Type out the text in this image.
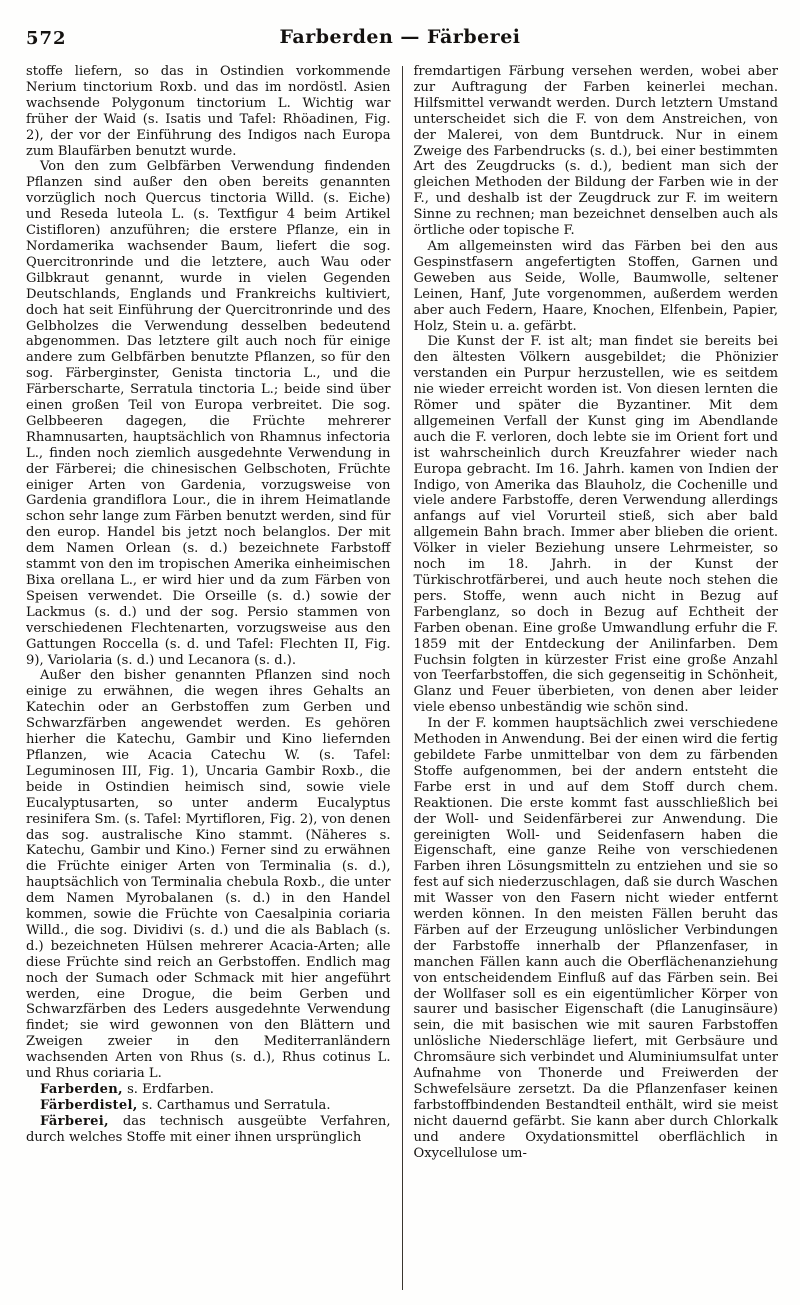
572	Farberden — Färberei

stoffe liefern, so das in Ostindien vorkommende Nerium tinctorium Roxb. und das im nordöstl. Asien wachsende Polygonum tinctorium L. Wichtig war früher der Waid (s. Isatis und Tafel: Rhöadinen, Fig. 2), der vor der Einführung des Indigos nach Europa zum Blaufärben benutzt wurde.

Von den zum Gelbfärben Verwendung findenden Pflanzen sind außer den oben bereits genannten vorzüglich noch Quercus tinctoria Willd. (s. Eiche) und Reseda luteola L. (s. Textfigur 4 beim Artikel Cistifloren) anzuführen; die erstere Pflanze, ein in Nordamerika wachsender Baum, liefert die sog. Quercitronrinde und die letztere, auch Wau oder Gilbkraut genannt, wurde in vielen Gegenden Deutschlands, Englands und Frankreichs kultiviert, doch hat seit Einführung der Quercitronrinde und des Gelbholzes die Verwendung desselben bedeutend abgenommen. Das letztere gilt auch noch für einige andere zum Gelbfärben benutzte Pflanzen, so für den sog. Färberginster, Genista tinctoria L., und die Färberscharte, Serratula tinctoria L.; beide sind über einen großen Teil von Europa verbreitet. Die sog. Gelbbeeren dagegen, die Früchte mehrerer Rhamnusarten, hauptsächlich von Rhamnus infectoria L., finden noch ziemlich ausgedehnte Verwendung in der Färberei; die chinesischen Gelbschoten, Früchte einiger Arten von Gardenia, vorzugsweise von Gardenia grandiflora Lour., die in ihrem Heimatlande schon sehr lange zum Färben benutzt werden, sind für den europ. Handel bis jetzt noch belanglos. Der mit dem Namen Orlean (s. d.) bezeichnete Farbstoff stammt von den im tropischen Amerika einheimischen Bixa orellana L., er wird hier und da zum Färben von Speisen verwendet. Die Orseille (s. d.) sowie der Lackmus (s. d.) und der sog. Persio stammen von verschiedenen Flechtenarten, vorzugsweise aus den Gattungen Roccella (s. d. und Tafel: Flechten II, Fig. 9), Variolaria (s. d.) und Lecanora (s. d.).

Außer den bisher genannten Pflanzen sind noch einige zu erwähnen, die wegen ihres Gehalts an Katechin oder an Gerbstoffen zum Gerben und Schwarzfärben angewendet werden. Es gehören hierher die Katechu, Gambir und Kino liefernden Pflanzen, wie Acacia Catechu W. (s. Tafel: Leguminosen III, Fig. 1), Uncaria Gambir Roxb., die beide in Ostindien heimisch sind, sowie viele Eucalyptusarten, so unter anderm Eucalyptus resinifera Sm. (s. Tafel: Myrtifloren, Fig. 2), von denen das sog. australische Kino stammt. (Näheres s. Katechu, Gambir und Kino.) Ferner sind zu erwähnen die Früchte einiger Arten von Terminalia (s. d.), hauptsächlich von Terminalia chebula Roxb., die unter dem Namen Myrobalanen (s. d.) in den Handel kommen, sowie die Früchte von Caesalpinia coriaria Willd., die sog. Dividivi (s. d.) und die als Bablach (s. d.) bezeichneten Hülsen mehrerer Acacia-Arten; alle diese Früchte sind reich an Gerbstoffen. Endlich mag noch der Sumach oder Schmack mit hier angeführt werden, eine Drogue, die beim Gerben und Schwarzfärben des Leders ausgedehnte Verwendung findet; sie wird gewonnen von den Blättern und Zweigen zweier in den Mediterranländern wachsenden Arten von Rhus (s. d.), Rhus cotinus L. und Rhus coriaria L.

Farberden, s. Erdfarben.

Färberdistel, s. Carthamus und Serratula.

Färberei, das technisch ausgeübte Verfahren, durch welches Stoffe mit einer ihnen ursprünglich

fremdartigen Färbung versehen werden, wobei aber zur Auftragung der Farben keinerlei mechan. Hilfsmittel verwandt werden. Durch letztern Umstand unterscheidet sich die F. von dem Anstreichen, von der Malerei, von dem Buntdruck. Nur in einem Zweige des Farbendrucks (s. d.), bei einer bestimmten Art des Zeugdrucks (s. d.), bedient man sich der gleichen Methoden der Bildung der Farben wie in der F., und deshalb ist der Zeugdruck zur F. im weitern Sinne zu rechnen; man bezeichnet denselben auch als örtliche oder topische F.

Am allgemeinsten wird das Färben bei den aus Gespinstfasern angefertigten Stoffen, Garnen und Geweben aus Seide, Wolle, Baumwolle, seltener Leinen, Hanf, Jute vorgenommen, außerdem werden aber auch Federn, Haare, Knochen, Elfenbein, Papier, Holz, Stein u. a. gefärbt.

Die Kunst der F. ist alt; man findet sie bereits bei den ältesten Völkern ausgebildet; die Phönizier verstanden ein Purpur herzustellen, wie es seitdem nie wieder erreicht worden ist. Von diesen lernten die Römer und später die Byzantiner. Mit dem allgemeinen Verfall der Kunst ging im Abendlande auch die F. verloren, doch lebte sie im Orient fort und ist wahrscheinlich durch Kreuzfahrer wieder nach Europa gebracht. Im 16. Jahrh. kamen von Indien der Indigo, von Amerika das Blauholz, die Cochenille und viele andere Farbstoffe, deren Verwendung allerdings anfangs auf viel Vorurteil stieß, sich aber bald allgemein Bahn brach. Immer aber blieben die orient. Völker in vieler Beziehung unsere Lehrmeister, so noch im 18. Jahrh. in der Kunst der Türkischrotfärberei, und auch heute noch stehen die pers. Stoffe, wenn auch nicht in Bezug auf Farbenglanz, so doch in Bezug auf Echtheit der Farben obenan. Eine große Umwandlung erfuhr die F. 1859 mit der Entdeckung der Anilinfarben. Dem Fuchsin folgten in kürzester Frist eine große Anzahl von Teerfarbstoffen, die sich gegenseitig in Schönheit, Glanz und Feuer überbieten, von denen aber leider viele ebenso unbeständig wie schön sind.

In der F. kommen hauptsächlich zwei verschiedene Methoden in Anwendung. Bei der einen wird die fertig gebildete Farbe unmittelbar von dem zu färbenden Stoffe aufgenommen, bei der andern entsteht die Farbe erst in und auf dem Stoff durch chem. Reaktionen. Die erste kommt fast ausschließlich bei der Woll- und Seidenfärberei zur Anwendung. Die gereinigten Woll- und Seidenfasern haben die Eigenschaft, eine ganze Reihe von verschiedenen Farben ihren Lösungsmitteln zu entziehen und sie so fest auf sich niederzuschlagen, daß sie durch Waschen mit Wasser von den Fasern nicht wieder entfernt werden können. In den meisten Fällen beruht das Färben auf der Erzeugung unlöslicher Verbindungen der Farbstoffe innerhalb der Pflanzenfaser, in manchen Fällen kann auch die Oberflächenanziehung von entscheidendem Einfluß auf das Färben sein. Bei der Wollfaser soll es ein eigentümlicher Körper von saurer und basischer Eigenschaft (die Lanuginsäure) sein, die mit basischen wie mit sauren Farbstoffen unlösliche Niederschläge liefert, mit Gerbsäure und Chromsäure sich verbindet und Aluminiumsulfat unter Aufnahme von Thonerde und Freiwerden der Schwefelsäure zersetzt. Da die Pflanzenfaser keinen farbstoffbindenden Bestandteil enthält, wird sie meist nicht dauernd gefärbt. Sie kann aber durch Chlorkalk und andere Oxydationsmittel oberflächlich in Oxycellulose um-
